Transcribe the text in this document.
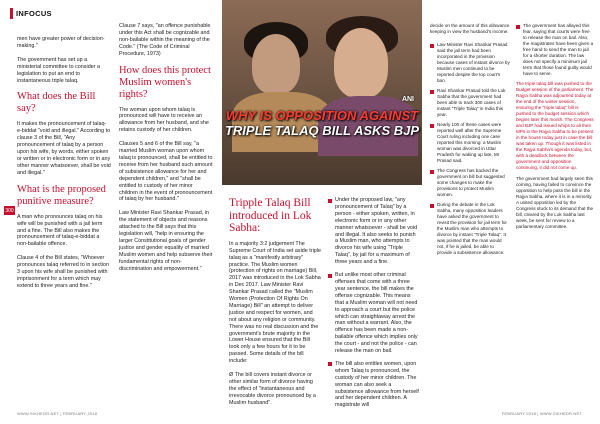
INFOCUS
300

men have greater power of decision-making."

The government has set up a ministerial committee to consider a legislation to put an end to instantaneous triple talaq.

What does the Bill say?

It makes the pronouncement of talaq-e-biddat "void and illegal." According to clause 3 of the Bill, "Any pronouncement of talaq by a person upon his wife, by words, either spoken or written or in electronic form or in any other manner whatsoever, shall be void and illegal."

What is the proposed punitive measure?

A man who pronounces talaq on his wife will be punished with a jail term and a fine. The Bill also makes the pronouncement of talaq-e-biddat a non-bailable offence.

Clause 4 of the Bill states, "Whoever pronounces talaq referred to in section 3 upon his wife shall be punished with imprisonment for a term which may extend to three years and fine."

Clause 7 says, "an offence punishable under this Act shall be cognizable and non-bailable within the meaning of the Code." (The Code of Criminal Procedure, 1973)

How does this protect Muslim women's rights?

The woman upon whom talaq is pronounced will have to receive an allowance from her husband, and she retains custody of her children.

Clauses 5 and 6 of the Bill say, "a married Muslim woman upon whom talaq is pronounced, shall be entitled to receive from her husband such amount of subsistence allowance for her and dependent children," and "shall be entitled to custody of her minor children in the event of pronouncement of talaq by her husband."

Law Minister Ravi Shankar Prasad, in the statement of objects and reasons attached to the Bill says that this legislation will, "help in ensuring the larger Constitutional goals of gender justice and gender equality of married Muslim women and help subserve their fundamental rights of non-discrimination and empowerment."

ANI
WHY IS OPPOSITION AGAINST
TRIPLE TALAQ BILL ASKS BJP
Tripple Talaq Bill introduced in Lok Sabha:

In a majority 3:2 judgement The Supreme Court of India set aside triple talaq as a "manifestly arbitrary" practice. The Muslim women (protection of rights on marriage) Bill, 2017 was introduced in the Lok Sabha in Dec 2017. Law Minister Ravi Shankar Prasad called the "Muslim Women (Protection Of Rights On Marriage) Bill" an attempt to deliver justice and respect for women, and not about any religion or community. There was no real discussion and the government's brute majority in the Lower House ensured that the Bill took only a few hours for it to be passed. Some details of the bill include:

Ø The bill covers instant divorce or other similar form of divorce having the effect of "instantaneous and irrevocable divorce pronounced by a Muslim husband".

Under the proposed law, "any pronouncement of Talaq" by a person - either spoken, written, in electronic form or in any other manner whatsoever - shall be void and illegal. It also seeks to punish a Muslim man, who attempts to divorce his wife using "Triple Talaq", by jail for a maximum of three years and a fine.
But unlike most other criminal offenses that come with a three year sentence, the bill makes the offense cognizable. This means that a Muslim woman will not need to approach a court but the police which can straightaway arrest the man without a warrant. Also, the offence has been made a non-bailable offence which implies only the court - and not the police - can release the man on bail.
The bill also entitles women, upon whom Talaq is pronounced, the custody of her minor children. The woman can also seek a subsistence allowance from herself and her dependent children. A magistrate will

decide on the amount of this allowance keeping in view the husband's income.

Law Minister Ravi Shankar Prasad said the jail term had been incorporated in the provision because cases of instant divorce by Muslim men continued to be reported despite the top court's ban.
Ravi Shankar Prasad told the Lok Sabha that the government had been able to track 300 cases of instant "Triple Talaq" in India this year.
Nearly 100 of these cases were reported well after the Supreme Court ruling including one case reported this morning: a Muslim woman was divorced in Uttar Pradesh for waking up late, Mr Prasad said.
The Congress has backed the government on bill but suggested some changes to make the provisions to protect Muslim women.
During the debate in the Lok Sabha, many opposition leaders have asked the government to revisit the provision for jail term for the Muslim man who attempts to divorce by instant "Triple Talaq". It was pointed that the man would not, if he is jailed, be able to provide a subsistence allowance.
The government has allayed this fear, saying that courts were free to release the man on bail. Also, the magistrates have been given a free hand to send the man to jail for a shorter duration. The law does not specify a minimum jail term that those found guilty would have to serve.

The triple talaq bill was pushed to the Budget session of the parliament. The Rajya Sabha was adjourned today at the end of the winter session, ensuring the "triple talaq" bill is pushed to the budget session which begins later this month. The Congress and BJP had issued whips to all their MPs in the Rajya Sabha to be present in the house today just in case the bill was taken up. Though it was listed in the Rajya Sabha's agenda today, but, with a deadlock between the government and opposition continuing, it did not come up.

The government had largely seen this coming, having failed to convince the opposition to help pass the bill in the Rajya Sabha, where it is in a minority. A united opposition led by the Congress stuck to its demand that the bill, cleared by the Lok Sabha last week, be sent for review to a parliamentary committee.

WWW.SIKHEDR.NET | FEBRUARY 2018	FEBRUARY 2018 | WWW.SIKHEDR.NET
